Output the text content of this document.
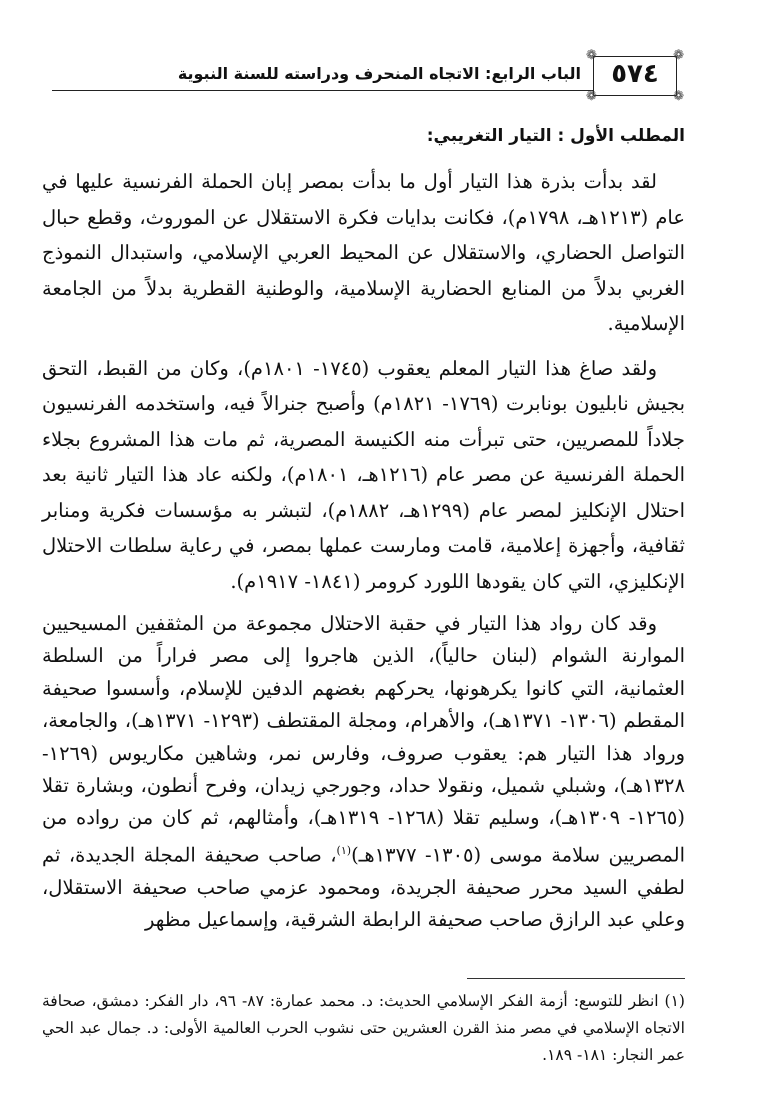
الباب الرابع: الاتجاه المنحرف ودراسته للسنة النبوية
❁	❁
❁	❁
٥٧٤
المطلب الأول : التيار التغريبي:

لقد بدأت بذرة هذا التيار أول ما بدأت بمصر إبان الحملة الفرنسية عليها في عام (١٢١٣هـ، ١٧٩٨م)، فكانت بدايات فكرة الاستقلال عن الموروث، وقطع حبال التواصل الحضاري، والاستقلال عن المحيط العربي الإسلامي، واستبدال النموذج الغربي بدلاً من المنابع الحضارية الإسلامية، والوطنية القطرية بدلاً من الجامعة الإسلامية.

ولقد صاغ هذا التيار المعلم يعقوب (١٧٤٥- ١٨٠١م)، وكان من القبط، التحق بجيش نابليون بونابرت (١٧٦٩- ١٨٢١م) وأصبح جنرالاً فيه، واستخدمه الفرنسيون جلاداً للمصريين، حتى تبرأت منه الكنيسة المصرية، ثم مات هذا المشروع بجلاء الحملة الفرنسية عن مصر عام (١٢١٦هـ، ١٨٠١م)، ولكنه عاد هذا التيار ثانية بعد احتلال الإنكليز لمصر عام (١٢٩٩هـ، ١٨٨٢م)، لتبشر به مؤسسات فكرية ومنابر ثقافية، وأجهزة إعلامية، قامت ومارست عملها بمصر، في رعاية سلطات الاحتلال الإنكليزي، التي كان يقودها اللورد كرومر (١٨٤١- ١٩١٧م).

وقد كان رواد هذا التيار في حقبة الاحتلال مجموعة من المثقفين المسيحيين الموارنة الشوام (لبنان حالياً)، الذين هاجروا إلى مصر فراراً من السلطة العثمانية، التي كانوا يكرهونها، يحركهم بغضهم الدفين للإسلام، وأسسوا صحيفة المقطم (١٣٠٦- ١٣٧١هـ)، والأهرام، ومجلة المقتطف (١٢٩٣- ١٣٧١هـ)، والجامعة، ورواد هذا التيار هم: يعقوب صروف، وفارس نمر، وشاهين مكاريوس (١٢٦٩- ١٣٢٨هـ)، وشبلي شميل، ونقولا حداد، وجورجي زيدان، وفرح أنطون، وبشارة تقلا (١٢٦٥- ١٣٠٩هـ)، وسليم تقلا (١٢٦٨- ١٣١٩هـ)، وأمثالهم، ثم كان من رواده من المصريين سلامة موسى (١٣٠٥- ١٣٧٧هـ)$^{(١)}$، صاحب صحيفة المجلة الجديدة، ثم لطفي السيد محرر صحيفة الجريدة، ومحمود عزمي صاحب صحيفة الاستقلال، وعلي عبد الرازق صاحب صحيفة الرابطة الشرقية، وإسماعيل مظهر

(١) انظر للتوسع: أزمة الفكر الإسلامي الحديث: د. محمد عمارة: ٨٧- ٩٦، دار الفكر: دمشق، صحافة الاتجاه الإسلامي في مصر منذ القرن العشرين حتى نشوب الحرب العالمية الأولى: د. جمال عبد الحي عمر النجار: ١٨١- ١٨٩.
